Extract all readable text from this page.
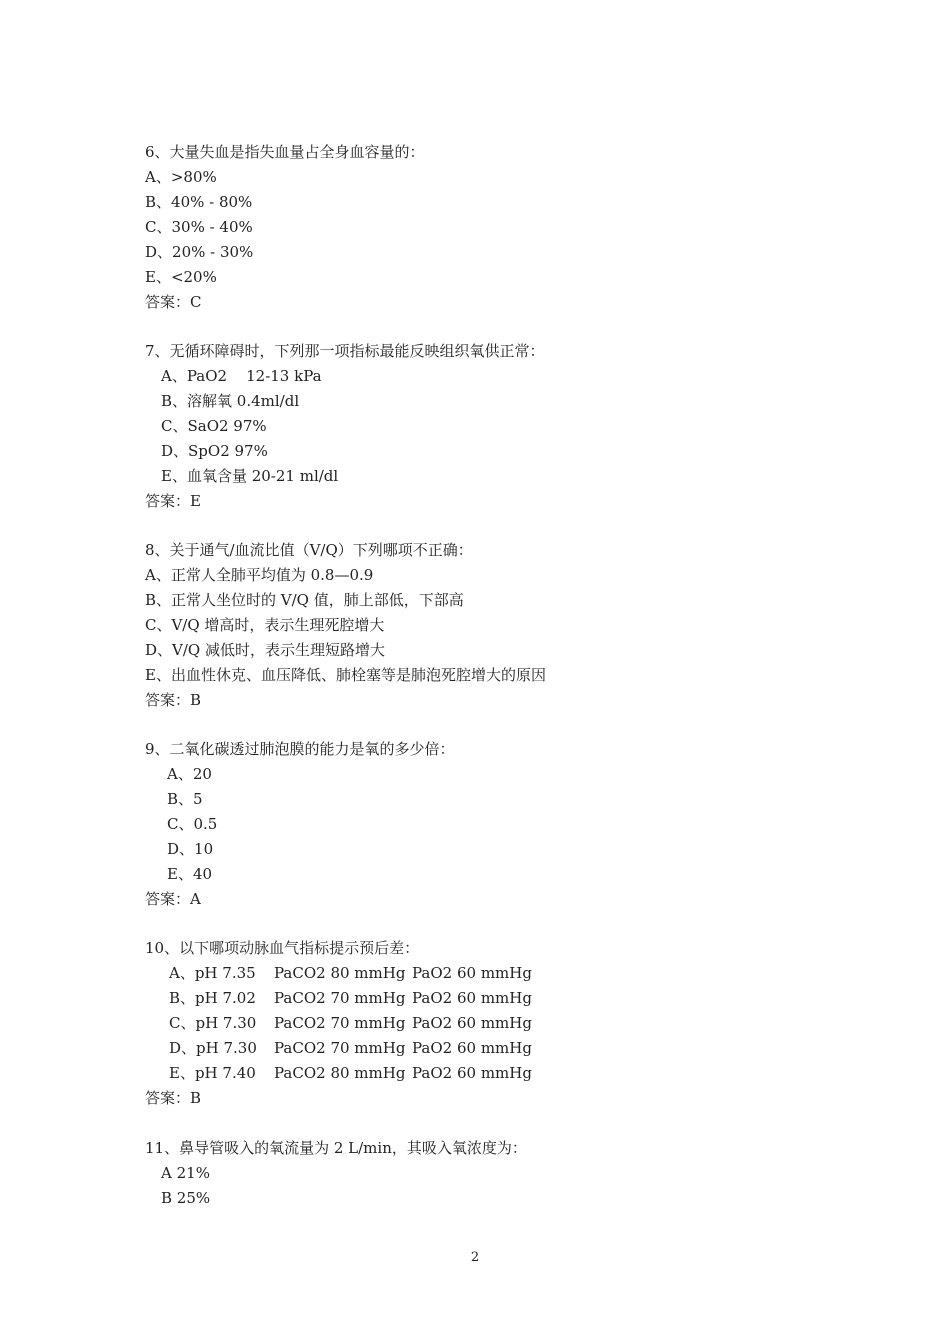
6、大量失血是指失血量占全身血容量的：
A、>80%
B、40% - 80%
C、30% - 40%
D、20% - 30%
E、<20%
答案：C
7、无循环障碍时，下列那一项指标最能反映组织氧供正常：
A、PaO2    12-13 kPa
B、溶解氧 0.4ml/dl
C、SaO2 97%
D、SpO2 97%
E、血氧含量 20-21 ml/dl
答案：E
8、关于通气/血流比值（V/Q）下列哪项不正确：
A、正常人全肺平均值为 0.8—0.9
B、正常人坐位时的 V/Q 值，肺上部低，下部高
C、V/Q 增高时，表示生理死腔增大
D、V/Q 减低时，表示生理短路增大
E、出血性休克、血压降低、肺栓塞等是肺泡死腔增大的原因
答案：B
9、二氧化碳透过肺泡膜的能力是氧的多少倍：
A、20
B、5
C、0.5
D、10
E、40
答案：A
10、以下哪项动脉血气指标提示预后差：
A、pH 7.35 PaCO2 80 mmHg PaO2 60 mmHg
B、pH 7.02 PaCO2 70 mmHg PaO2 60 mmHg
C、pH 7.30 PaCO2 70 mmHg PaO2 60 mmHg
D、pH 7.30 PaCO2 70 mmHg PaO2 60 mmHg
E、pH 7.40 PaCO2 80 mmHg PaO2 60 mmHg
答案：B
11、鼻导管吸入的氧流量为 2 L/min，其吸入氧浓度为：
A 21%
B 25%
2
